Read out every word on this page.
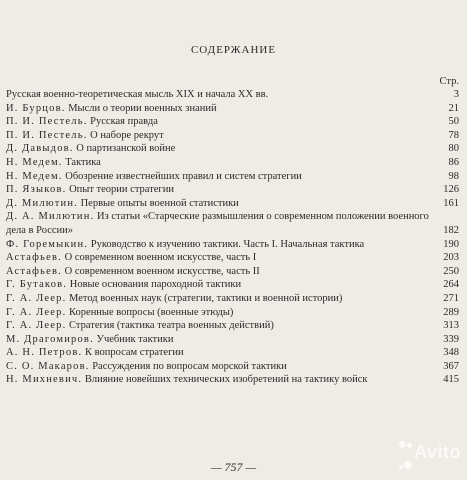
СОДЕРЖАНИЕ
Стр.
Русская военно-теоретическая мысль XIX и начала XX вв.	3
И. Бурцов. Мысли о теории военных знаний	21
П. И. Пестель. Русская правда	50
П. И. Пестель. О наборе рекрут	78
Д. Давыдов. О партизанской войне	80
Н. Медем. Тактика	86
Н. Медем. Обозрение известнейших правил и систем стратегии	98
П. Языков. Опыт теории стратегии	126
Д. Милютин. Первые опыты военной статистики	161
Д. А. Милютин. Из статьи «Старческие размышления о современном положении военного дела в России»	182
Ф. Горемыкин. Руководство к изучению тактики. Часть I. Начальная тактика	190
Астафьев. О современном военном искусстве, часть I	203
Астафьев. О современном военном искусстве, часть II	250
Г. Бутаков. Новые основания пароходной тактики	264
Г. А. Леер. Метод военных наук (стратегии, тактики и военной истории)	271
Г. А. Леер. Коренные вопросы (военные этюды)	289
Г. А. Леер. Стратегия (тактика театра военных действий)	313
М. Драгомиров. Учебник тактики	339
А. Н. Петров. К вопросам стратегии	348
С. О. Макаров. Рассуждения по вопросам морской тактики	367
Н. Михневич. Влияние новейших технических изобретений на тактику войск	415
— 757 —

Avito
